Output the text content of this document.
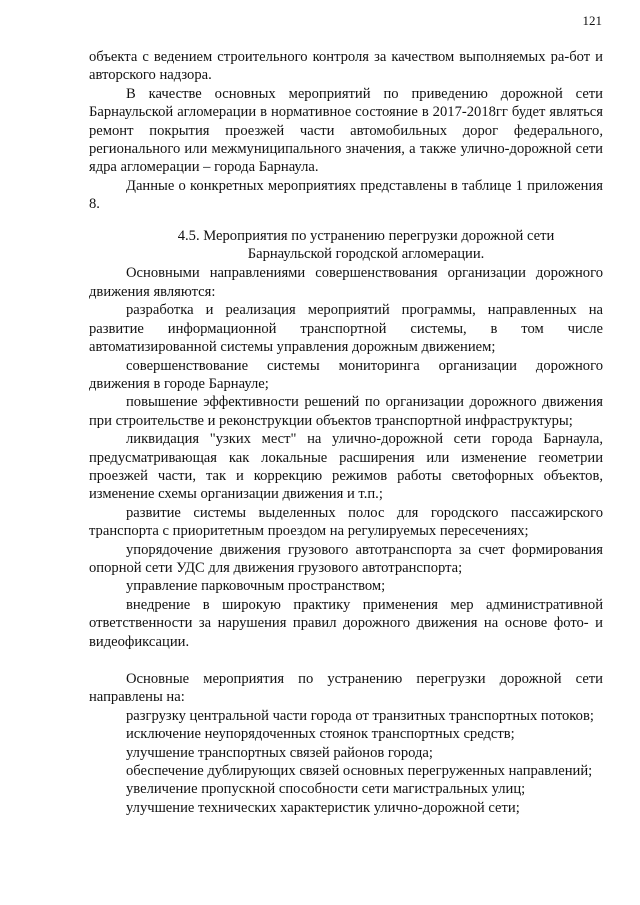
121

объекта с ведением строительного контроля за качеством выполняемых ра-бот и авторского надзора.

В качестве основных мероприятий по приведению дорожной сети Барнаульской агломерации в нормативное состояние в 2017-2018гг будет являться ремонт покрытия проезжей части автомобильных дорог федерального, регионального или межмуниципального значения, а также улично-дорожной сети ядра агломерации – города Барнаула.

Данные о конкретных мероприятиях представлены в таблице 1 приложения 8.

4.5. Мероприятия по устранению перегрузки дорожной сети
Барнаульской городской агломерации.

Основными направлениями совершенствования организации дорожного движения являются:

разработка и реализация мероприятий программы, направленных на развитие информационной транспортной системы, в том числе автоматизированной системы управления дорожным движением;

совершенствование системы мониторинга организации дорожного движения в городе Барнауле;

повышение эффективности решений по организации дорожного движения при строительстве и реконструкции объектов транспортной инфраструктуры;

ликвидация "узких мест" на улично-дорожной сети города Барнаула, предусматривающая как локальные расширения или изменение геометрии проезжей части, так и коррекцию режимов работы светофорных объектов, изменение схемы организации движения и т.п.;

развитие системы выделенных полос для городского пассажирского транспорта с приоритетным проездом на регулируемых пересечениях;

упорядочение движения грузового автотранспорта за счет формирования опорной сети УДС для движения грузового автотранспорта;

управление парковочным пространством;

внедрение в широкую практику применения мер административной ответственности за нарушения правил дорожного движения на основе фото- и видеофиксации.

Основные мероприятия по устранению перегрузки дорожной сети направлены на:

разгрузку центральной части города от транзитных транспортных потоков;

исключение неупорядоченных стоянок транспортных средств;

улучшение транспортных связей районов города;

обеспечение дублирующих связей основных перегруженных направлений;

увеличение пропускной способности сети магистральных улиц;

улучшение технических характеристик улично-дорожной сети;
